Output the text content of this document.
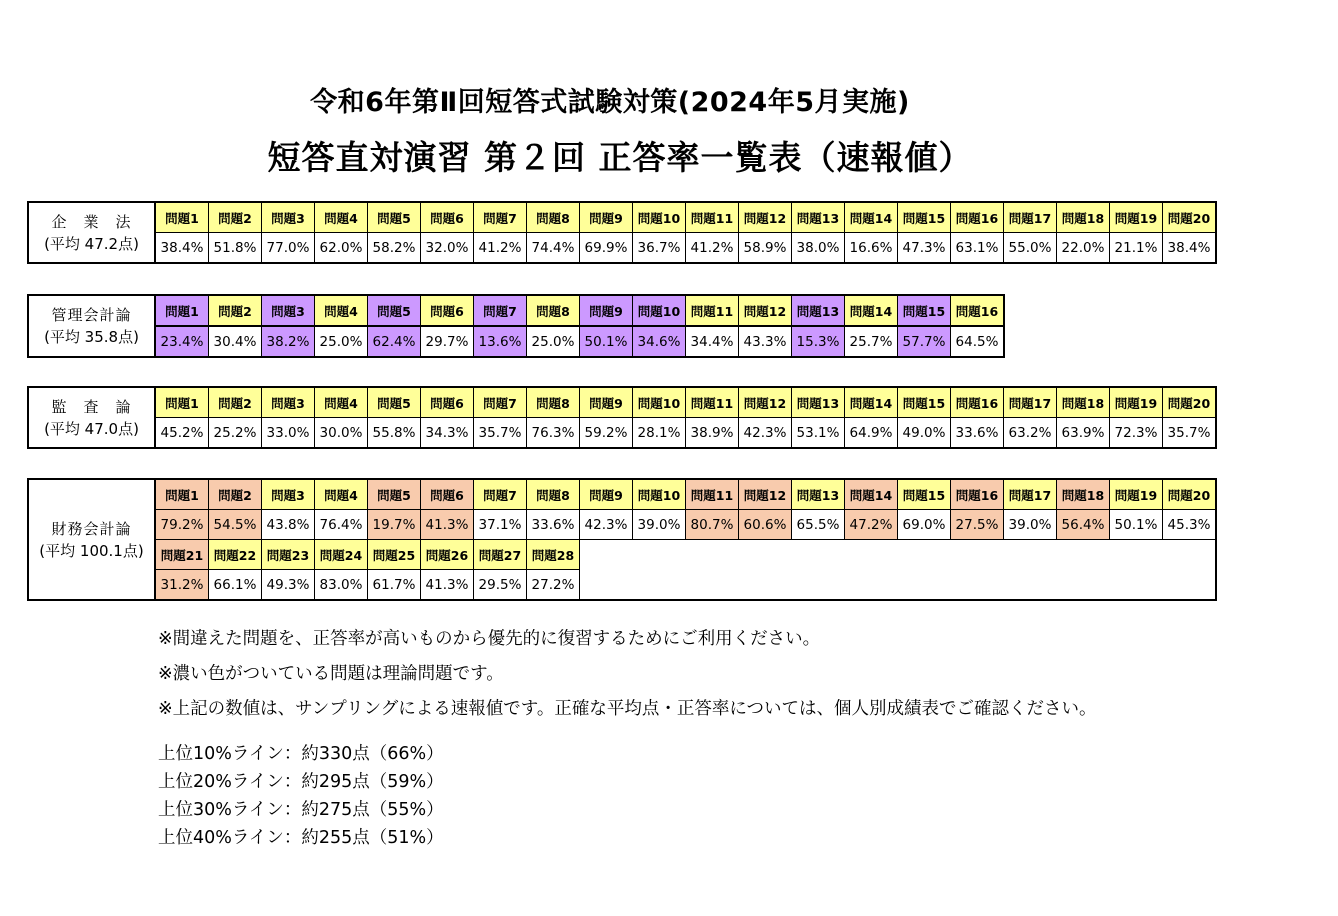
令和6年第Ⅱ回短答式試験対策(2024年5月実施)
短答直対演習 第２回 正答率一覧表（速報値）
企　業　法
(平均 47.2点)	問題1	問題2	問題3	問題4	問題5	問題6	問題7	問題8	問題9	問題10	問題11	問題12	問題13	問題14	問題15	問題16	問題17	問題18	問題19	問題20
	38.4%	51.8%	77.0%	62.0%	58.2%	32.0%	41.2%	74.4%	69.9%	36.7%	41.2%	58.9%	38.0%	16.6%	47.3%	63.1%	55.0%	22.0%	21.1%	38.4%
管理会計論
(平均 35.8点)	問題1	問題2	問題3	問題4	問題5	問題6	問題7	問題8	問題9	問題10	問題11	問題12	問題13	問題14	問題15	問題16
	23.4%	30.4%	38.2%	25.0%	62.4%	29.7%	13.6%	25.0%	50.1%	34.6%	34.4%	43.3%	15.3%	25.7%	57.7%	64.5%
監　査　論
(平均 47.0点)	問題1	問題2	問題3	問題4	問題5	問題6	問題7	問題8	問題9	問題10	問題11	問題12	問題13	問題14	問題15	問題16	問題17	問題18	問題19	問題20
	45.2%	25.2%	33.0%	30.0%	55.8%	34.3%	35.7%	76.3%	59.2%	28.1%	38.9%	42.3%	53.1%	64.9%	49.0%	33.6%	63.2%	63.9%	72.3%	35.7%
財務会計論
(平均 100.1点)	問題1	問題2	問題3	問題4	問題5	問題6	問題7	問題8	問題9	問題10	問題11	問題12	問題13	問題14	問題15	問題16	問題17	問題18	問題19	問題20
	79.2%	54.5%	43.8%	76.4%	19.7%	41.3%	37.1%	33.6%	42.3%	39.0%	80.7%	60.6%	65.5%	47.2%	69.0%	27.5%	39.0%	56.4%	50.1%	45.3%
	問題21	問題22	問題23	問題24	問題25	問題26	問題27	問題28												
	31.2%	66.1%	49.3%	83.0%	61.7%	41.3%	29.5%	27.2%												
※間違えた問題を、正答率が高いものから優先的に復習するためにご利用ください。
※濃い色がついている問題は理論問題です。
※上記の数値は、サンプリングによる速報値です。正確な平均点・正答率については、個人別成績表でご確認ください。
上位10%ライン：約330点（66%）
上位20%ライン：約295点（59%）
上位30%ライン：約275点（55%）
上位40%ライン：約255点（51%）
